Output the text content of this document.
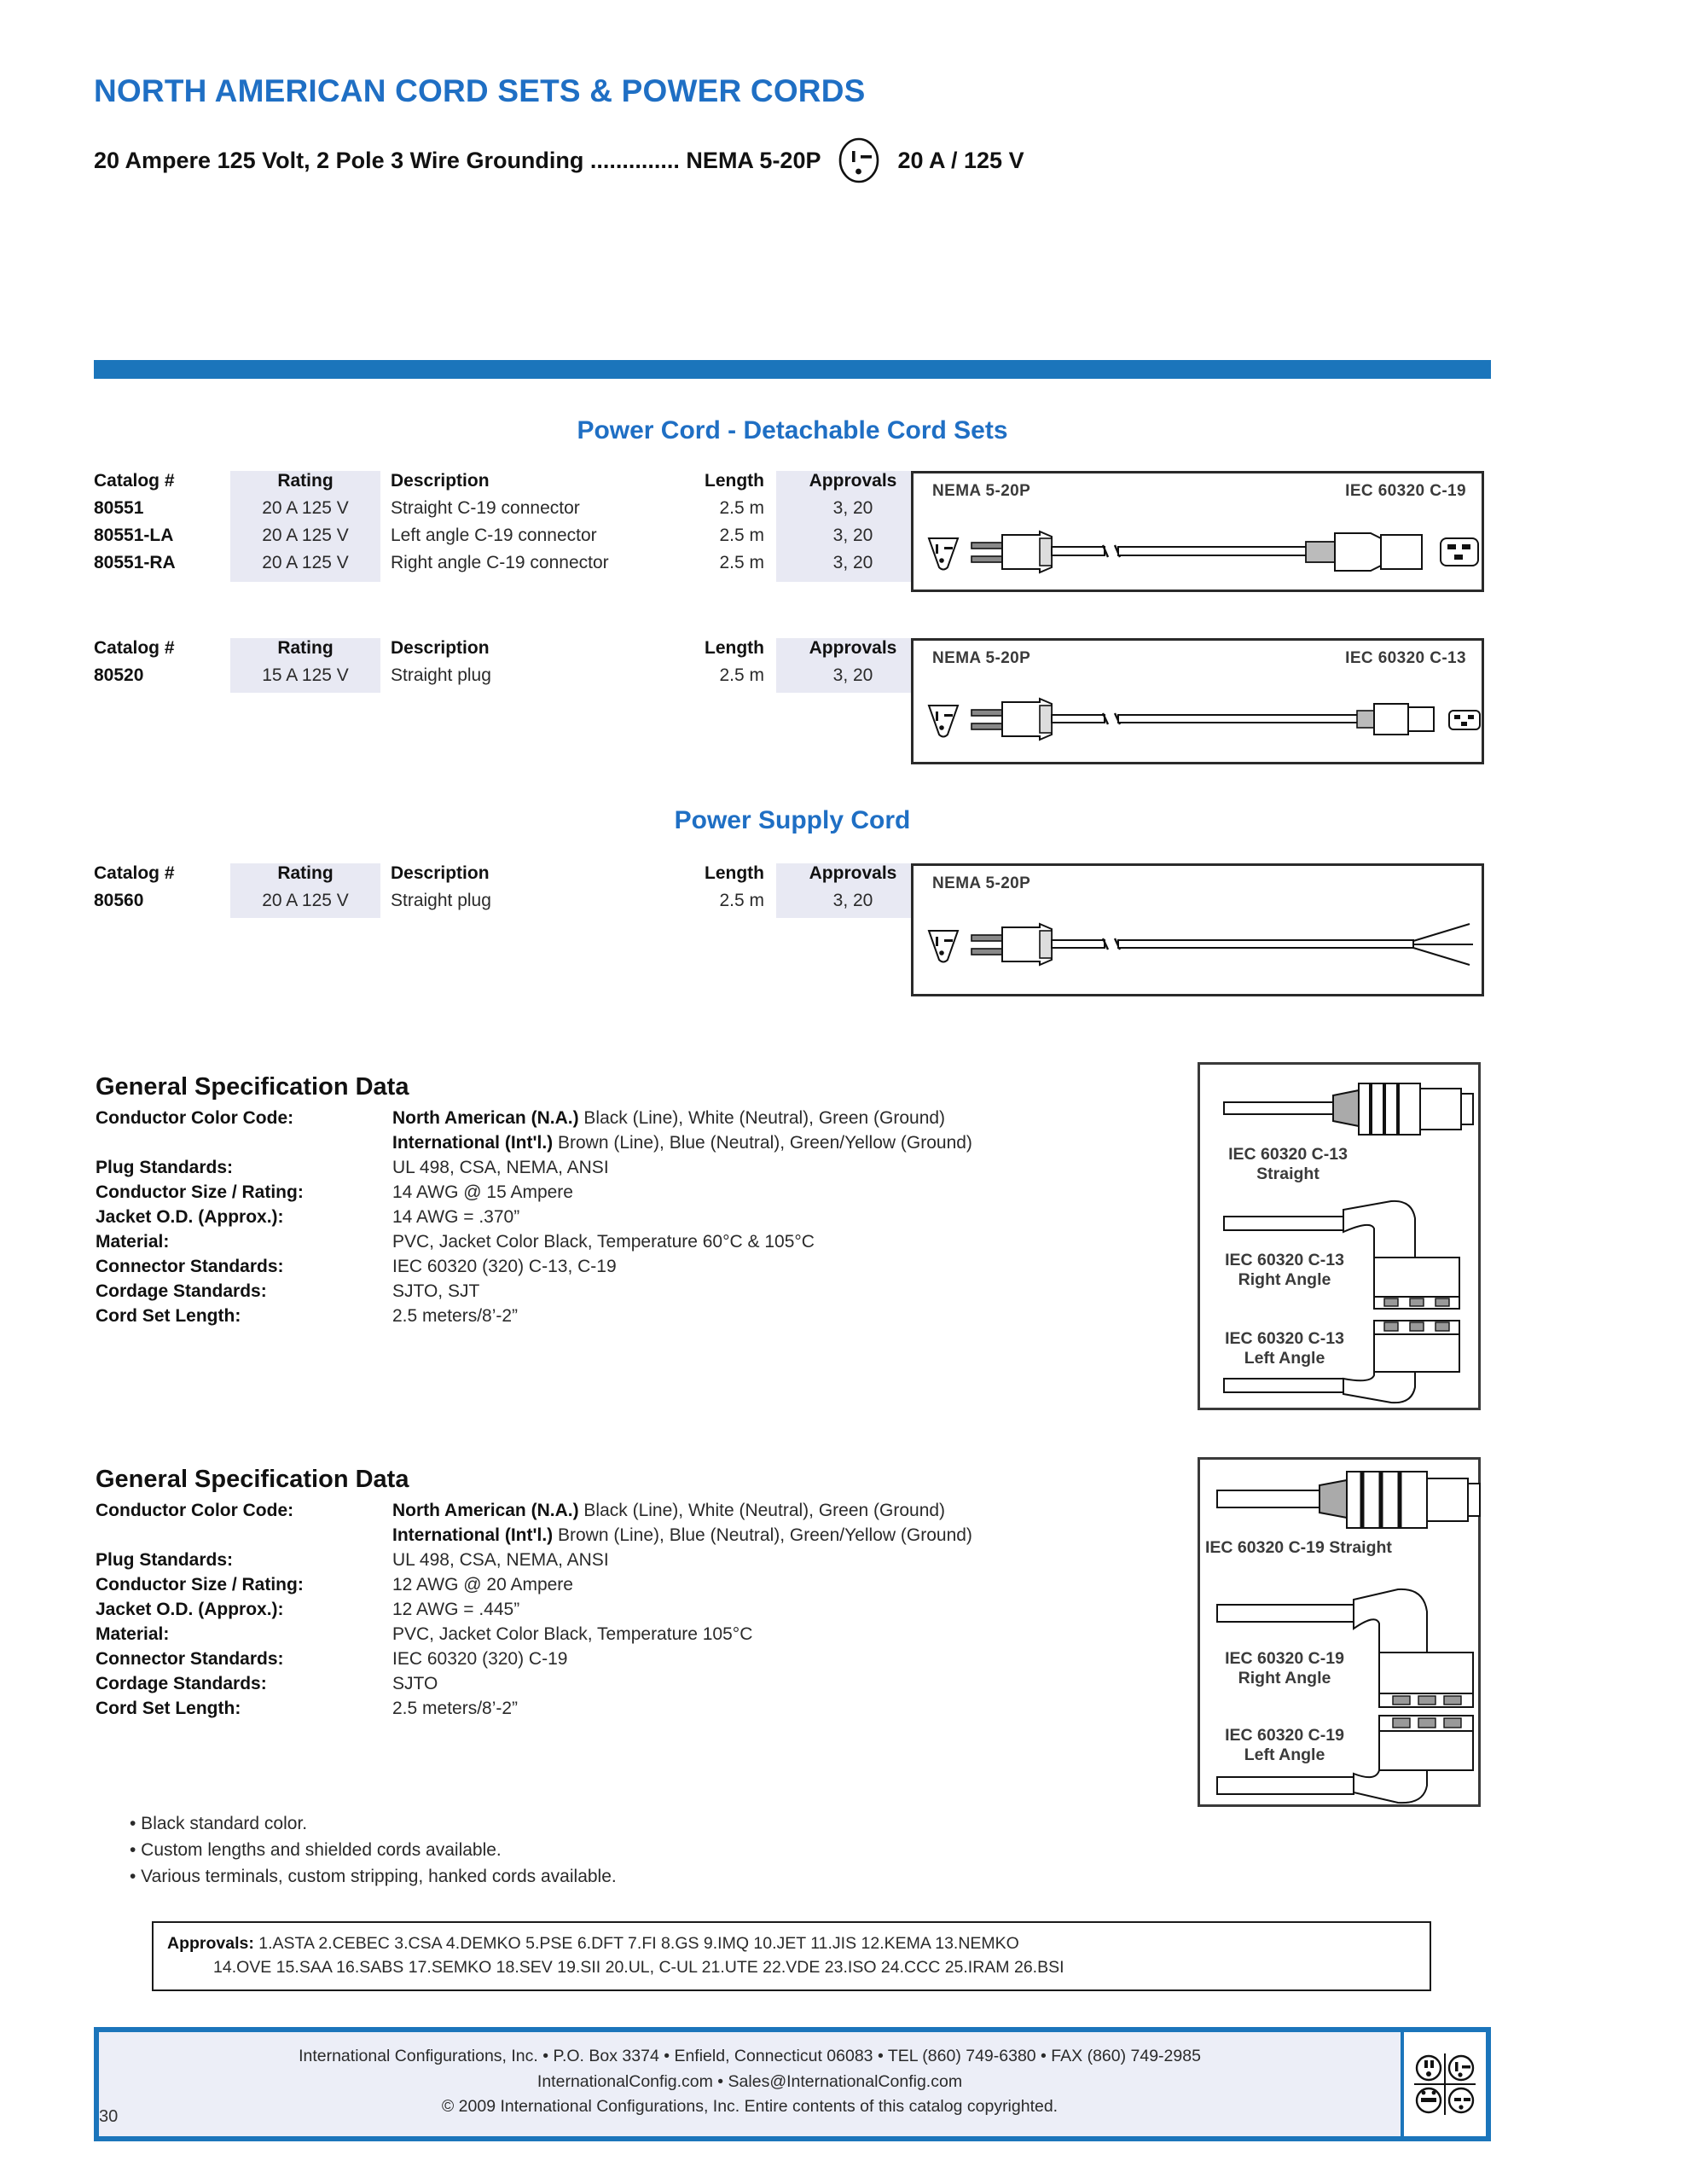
NORTH AMERICAN CORD SETS & POWER CORDS
20 Ampere 125 Volt, 2 Pole 3 Wire Grounding .............. NEMA 5-20P	20 A / 125 V
Power Cord - Detachable Cord Sets
Catalog #	Rating	Description	Length	Approvals
80551	20 A 125 V	Straight C-19 connector	2.5 m	3, 20
80551-LA	20 A 125 V	Left angle C-19 connector	2.5 m	3, 20
80551-RA	20 A 125 V	Right angle C-19 connector	2.5 m	3, 20
NEMA 5-20P	IEC 60320 C-19
Catalog #	Rating	Description	Length	Approvals
80520	15 A 125 V	Straight plug	2.5 m	3, 20
NEMA 5-20P	IEC 60320 C-13
Power Supply Cord
Catalog #	Rating	Description	Length	Approvals
80560	20 A 125 V	Straight plug	2.5 m	3, 20
NEMA 5-20P
General Specification Data
Conductor Color Code:	North American (N.A.) Black (Line), White (Neutral), Green (Ground)
International (Int'l.) Brown (Line), Blue (Neutral), Green/Yellow (Ground)
Plug Standards:	UL 498, CSA, NEMA, ANSI
Conductor Size / Rating:	14 AWG @ 15 Ampere
Jacket O.D. (Approx.):	14 AWG = .370”
Material:	PVC, Jacket Color Black, Temperature 60°C & 105°C
Connector Standards:	IEC 60320 (320) C-13, C-19
Cordage Standards:	SJTO, SJT
Cord Set Length:	2.5 meters/8’-2”
IEC 60320 C-13
Straight
IEC 60320 C-13
Right Angle
IEC 60320 C-13
Left Angle
General Specification Data
Conductor Color Code:	North American (N.A.) Black (Line), White (Neutral), Green (Ground)
International (Int'l.) Brown (Line), Blue (Neutral), Green/Yellow (Ground)
Plug Standards:	UL 498, CSA, NEMA, ANSI
Conductor Size / Rating:	12 AWG @ 20 Ampere
Jacket O.D. (Approx.):	12 AWG = .445”
Material:	PVC, Jacket Color Black, Temperature 105°C
Connector Standards:	IEC 60320 (320) C-19
Cordage Standards:	SJTO
Cord Set Length:	2.5 meters/8’-2”
IEC 60320 C-19 Straight
IEC 60320 C-19
Right Angle
IEC 60320 C-19
Left Angle
• Black standard color.
• Custom lengths and shielded cords available.
• Various terminals, custom stripping, hanked cords available.
Approvals: 1.ASTA 2.CEBEC 3.CSA 4.DEMKO 5.PSE 6.DFT 7.FI 8.GS 9.IMQ 10.JET 11.JIS 12.KEMA 13.NEMKO
14.OVE 15.SAA 16.SABS 17.SEMKO 18.SEV 19.SII 20.UL, C-UL 21.UTE 22.VDE 23.ISO 24.CCC 25.IRAM 26.BSI
International Configurations, Inc. • P.O. Box 3374 • Enfield, Connecticut 06083 • TEL (860) 749-6380 • FAX (860) 749-2985
InternationalConfig.com • Sales@InternationalConfig.com
© 2009 International Configurations, Inc. Entire contents of this catalog copyrighted.
30
